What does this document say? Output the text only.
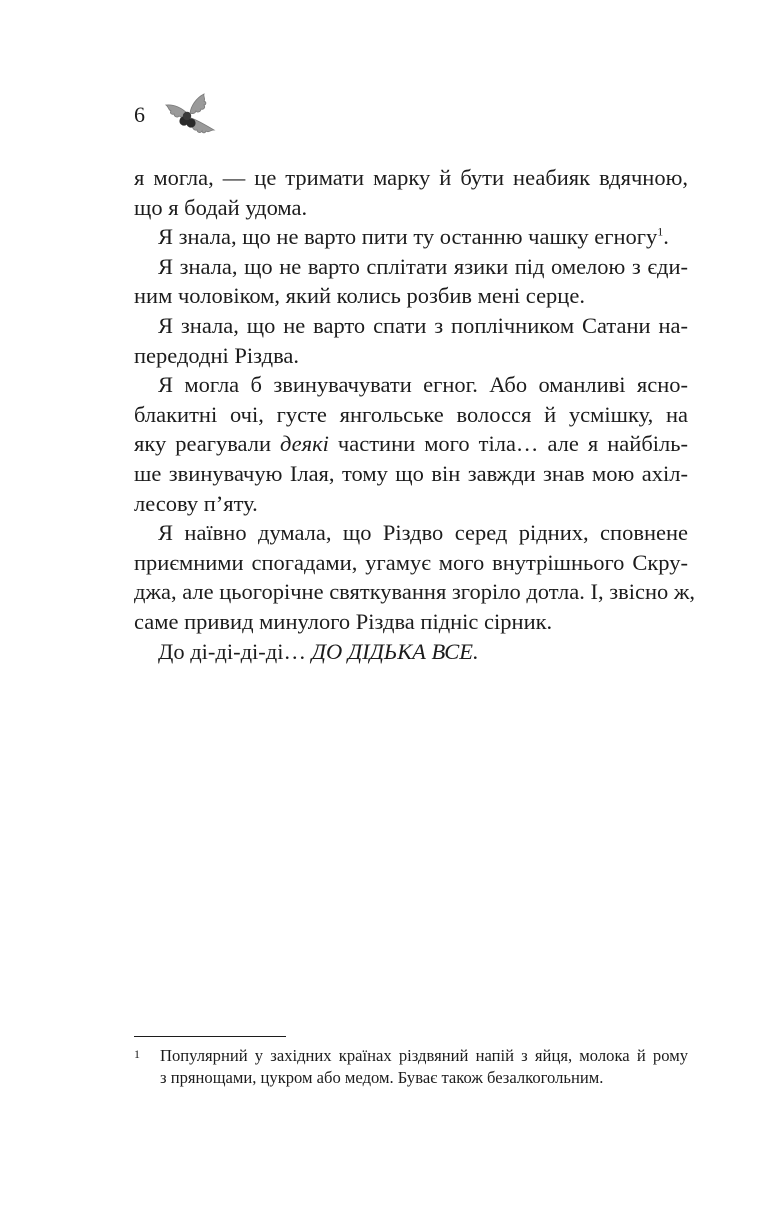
6
я могла, — це тримати марку й бути неабияк вдячною,
що я бодай удома.
Я знала, що не варто пити ту останню чашку егногу$^1$.
Я знала, що не варто сплітати язики під омелою з єди-
ним чоловіком, який колись розбив мені серце.
Я знала, що не варто спати з поплічником Сатани на-
передодні Різдва.
Я могла б звинувачувати егног. Або оманливі ясно-
блакитні очі, густе янгольське волосся й усмішку, на
яку реагували деякі частини мого тіла… але я найбіль-
ше звинувачую Ілая, тому що він завжди знав мою ахіл-
лесову п’яту.
Я наївно думала, що Різдво серед рідних, сповнене
приємними спогадами, угамує мого внутрішнього Скру-
джа, але цьогорічне святкування згоріло дотла. І, звісно ж,
саме привид минулого Різдва підніс сірник.
До ді-ді-ді-ді… ДО ДІДЬКА ВСЕ.
1 Популярний у західних країнах різдвяний напій з яйця, молока й рому
з прянощами, цукром або медом. Буває також безалкогольним.
